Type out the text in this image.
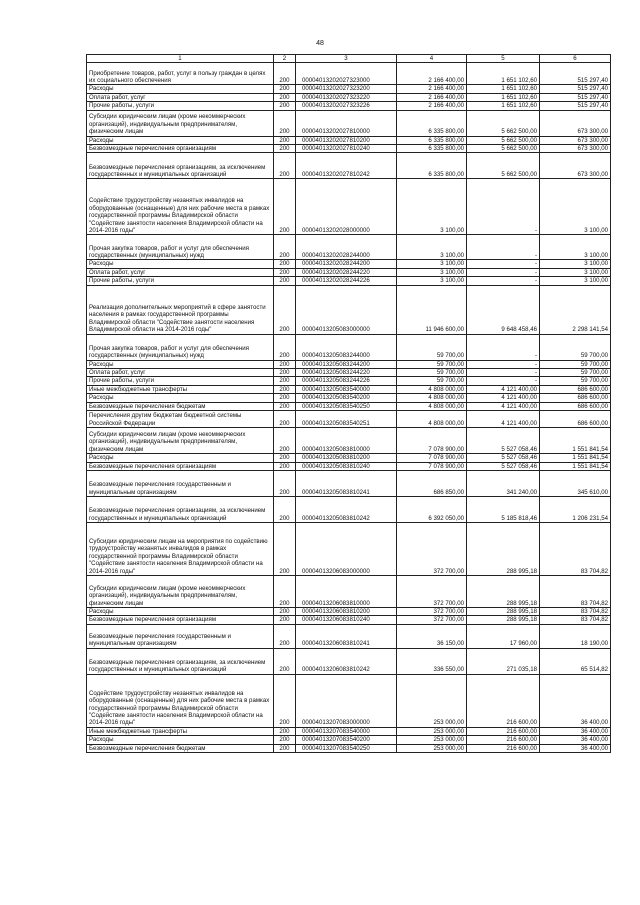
48
1	2	3	4	5	6
Приобретение товаров, работ, услуг в пользу граждан в целях их социального обеспечения	200	00004013202027323000	2 166 400,00	1 651 102,60	515 297,40
Расходы	200	00004013202027323200	2 166 400,00	1 651 102,60	515 297,40
Оплата работ, услуг	200	00004013202027323220	2 166 400,00	1 651 102,60	515 297,40
Прочие работы, услуги	200	00004013202027323226	2 166 400,00	1 651 102,60	515 297,40
Субсидии юридическим лицам (кроме некоммерческих организаций), индивидуальным предпринимателям, физическим лицам	200	00004013202027810000	6 335 800,00	5 662 500,00	673 300,00
Расходы	200	00004013202027810200	6 335 800,00	5 662 500,00	673 300,00
Безвозмездные перечисления организациям	200	00004013202027810240	6 335 800,00	5 662 500,00	673 300,00
Безвозмездные перечисления организациям, за исключением государственных и муниципальных организаций	200	00004013202027810242	6 335 800,00	5 662 500,00	673 300,00
Содействие трудоустройству незанятых инвалидов на оборудованные (оснащенные) для них рабочие места в рамках государственной программы Владимирской области "Содействие занятости населения Владимирской области на 2014-2016 годы"	200	00004013202028000000	3 100,00	-	3 100,00
Прочая закупка товаров, работ и услуг для обеспечения государственных (муниципальных) нужд	200	00004013202028244000	3 100,00	-	3 100,00
Расходы	200	00004013202028244200	3 100,00	-	3 100,00
Оплата работ, услуг	200	00004013202028244220	3 100,00	-	3 100,00
Прочие работы, услуги	200	00004013202028244226	3 100,00	-	3 100,00
Реализация дополнительных мероприятий в сфере занятости населения в рамках государственной программы Владимирской области "Содействие занятости населения Владимирской области на 2014-2016 годы"	200	00004013205083000000	11 946 600,00	9 648 458,46	2 298 141,54
Прочая закупка товаров, работ и услуг для обеспечения государственных (муниципальных) нужд	200	00004013205083244000	59 700,00	-	59 700,00
Расходы	200	00004013205083244200	59 700,00	-	59 700,00
Оплата работ, услуг	200	00004013205083244220	59 700,00	-	59 700,00
Прочие работы, услуги	200	00004013205083244226	59 700,00	-	59 700,00
Иные межбюджетные трансферты	200	00004013205083540000	4 808 000,00	4 121 400,00	686 600,00
Расходы	200	00004013205083540200	4 808 000,00	4 121 400,00	686 600,00
Безвозмездные перечисления бюджетам	200	00004013205083540250	4 808 000,00	4 121 400,00	686 600,00
Перечисления другим бюджетам бюджетной системы Российской Федерации	200	00004013205083540251	4 808 000,00	4 121 400,00	686 600,00
Субсидии юридическим лицам (кроме некоммерческих организаций), индивидуальным предпринимателям, физическим лицам	200	00004013205083810000	7 078 900,00	5 527 058,46	1 551 841,54
Расходы	200	00004013205083810200	7 078 900,00	5 527 058,46	1 551 841,54
Безвозмездные перечисления организациям	200	00004013205083810240	7 078 900,00	5 527 058,46	1 551 841,54
Безвозмездные перечисления государственным и муниципальным организациям	200	00004013205083810241	686 850,00	341 240,00	345 610,00
Безвозмездные перечисления организациям, за исключением государственных и муниципальных организаций	200	00004013205083810242	6 392 050,00	5 185 818,46	1 206 231,54
Субсидии юридическим лицам на мероприятия по содействию трудоустройству незанятых инвалидов в рамках государственной программы Владимирской области "Содействие занятости населения Владимирской области на 2014-2016 годы"	200	00004013206083000000	372 700,00	288 995,18	83 704,82
Субсидии юридическим лицам (кроме некоммерческих организаций), индивидуальным предпринимателям, физическим лицам	200	00004013206083810000	372 700,00	288 995,18	83 704,82
Расходы	200	00004013206083810200	372 700,00	288 995,18	83 704,82
Безвозмездные перечисления организациям	200	00004013206083810240	372 700,00	288 995,18	83 704,82
Безвозмездные перечисления государственным и муниципальным организациям	200	00004013206083810241	36 150,00	17 960,00	18 190,00
Безвозмездные перечисления организациям, за исключением государственных и муниципальных организаций	200	00004013206083810242	336 550,00	271 035,18	65 514,82
Содействие трудоустройству незанятых инвалидов на оборудованные (оснащенные) для них рабочие места в рамках государственной программы Владимирской области "Содействие занятости населения Владимирской области на 2014-2016 годы"	200	00004013207083000000	253 000,00	216 600,00	36 400,00
Иные межбюджетные трансферты	200	00004013207083540000	253 000,00	216 600,00	36 400,00
Расходы	200	00004013207083540200	253 000,00	216 600,00	36 400,00
Безвозмездные перечисления бюджетам	200	00004013207083540250	253 000,00	216 600,00	36 400,00
